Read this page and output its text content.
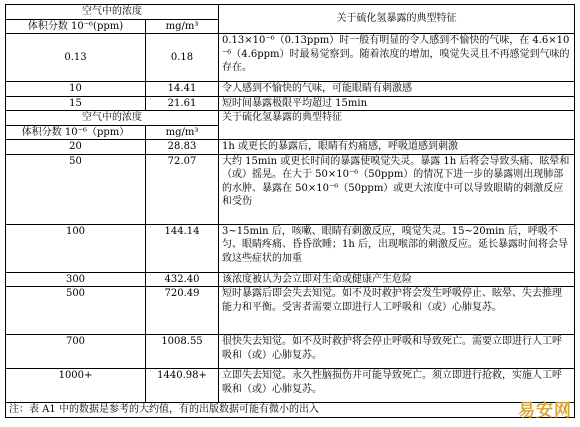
空气中的浓度		关于硫化氢暴露的典型特征
体积分数 10⁻⁶(ppm)	mg/m³	
0.13	0.18	0.13×10⁻⁶（0.13ppm）时一般有明显的令人感到不愉快的气味，在 4.6×10⁻⁶（4.6ppm）时最易觉察到。随着浓度的增加，嗅觉失灵且不再感觉到气味的存在。
10	14.41	令人感到不愉快的气味，可能眼睛有刺激感
15	21.61	短时间暴露极限平均超过 15min
空气中的浓度		关于硫化氢暴露的典型特征
体积分数 10⁻⁶（ppm）	mg/m³	
20	28.83	1h 或更长的暴露后，眼睛有灼痛感，呼吸道感到刺激
50	72.07	大约 15min 或更长时间的暴露使嗅觉失灵。暴露 1h 后将会导致头痛、眩晕和（或）摇晃。在大于 50×10⁻⁶（50ppm）的情况下进一步的暴露则出现肺部的水肿、暴露在 50×10⁻⁶（50ppm）或更大浓度中可以导致眼睛的刺激反应和受伤
100	144.14	3~15min 后，咳嗽、眼睛有刺激反应，嗅觉失灵。15~20min 后，呼吸不匀、眼睛疼痛、昏昏欲睡；1h 后，出现喉部的刺激反应。延长暴露时间将会导致这些症状的加重
300	432.40	该浓度被认为会立即对生命或健康产生危险
500	720.49	短时暴露后即会失去知觉。如不及时救护将会发生呼吸停止、眩晕、失去推理能力和平衡。受害者需要立即进行人工呼吸和（或）心肺复苏。
700	1008.55	很快失去知觉。如不及时救护将会停止呼吸和导致死亡。需要立即进行人工呼吸和（或）心肺复苏。
1000+	1440.98+	立即失去知觉。永久性脑损伤并可能导致死亡。须立即进行抢救，实施人工呼吸和（或）心肺复苏。
注：表 A1 中的数据是参考的大约值，有的出版数据可能有微小的出入			易安网
